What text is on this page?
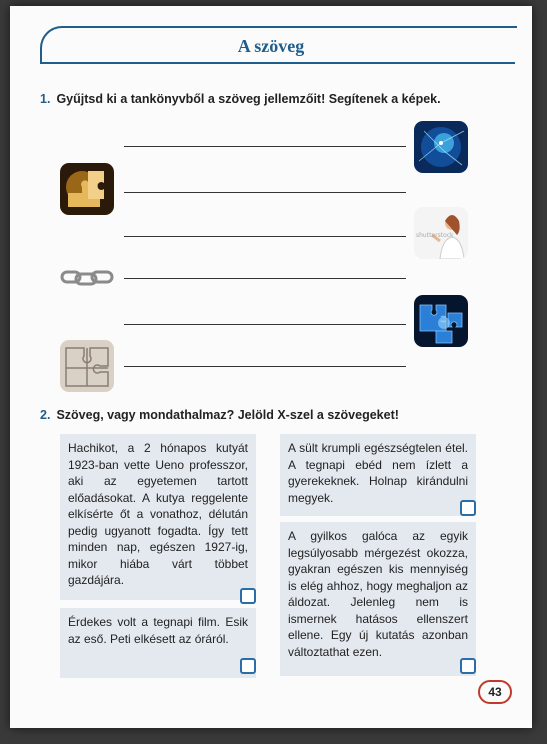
A szöveg
1. Gyűjtsd ki a tankönyvből a szöveg jellemzőit! Segítenek a képek.
shutterstock
2. Szöveg, vagy mondathalmaz? Jelöld X-szel a szövegeket!
Hachikot, a 2 hónapos kutyát 1923-ban vette Ueno professzor, aki az egyetemen tartott előadásokat. A kutya reggelente elkísérte őt a vonathoz, délután pedig ugyanott fogadta. Így tett minden nap, egészen 1927-ig, mikor hiába várt többet gazdájára.
Érdekes volt a tegnapi film. Esik az eső. Peti elkésett az óráról.
A sült krumpli egészségtelen étel. A tegnapi ebéd nem ízlett a gyerekeknek. Holnap kirándulni megyek.
A gyilkos galóca az egyik legsúlyosabb mérgezést okozza, gyakran egészen kis mennyiség is elég ahhoz, hogy meghaljon az áldozat. Jelenleg nem is ismernek hatásos ellenszert ellene. Egy új kutatás azonban változtathat ezen.
43
